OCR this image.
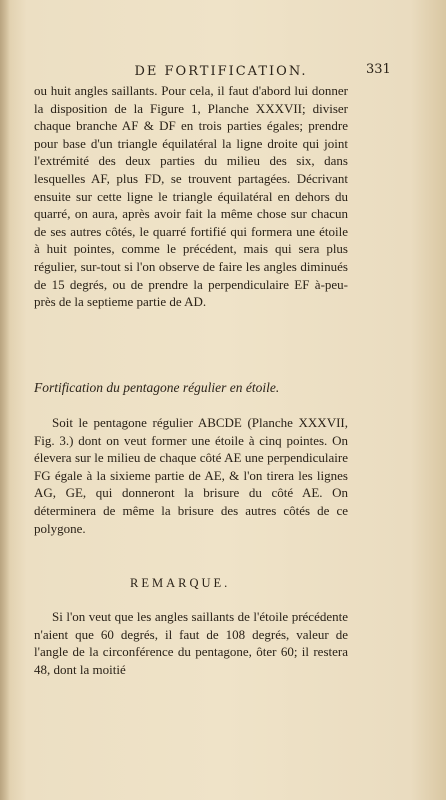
DE FORTIFICATION.	331
ou huit angles saillants. Pour cela, il faut d'abord lui donner la disposition de la Figure 1, Planche XXXVII; diviser chaque branche AF & DF en trois parties égales; prendre pour base d'un triangle équilatéral la ligne droite qui joint l'extrémité des deux parties du milieu des six, dans lesquelles AF, plus FD, se trouvent partagées. Décrivant ensuite sur cette ligne le triangle équilatéral en dehors du quarré, on aura, après avoir fait la même chose sur chacun de ses autres côtés, le quarré fortifié qui formera une étoile à huit pointes, comme le précédent, mais qui sera plus régulier, sur-tout si l'on observe de faire les angles diminués de 15 degrés, ou de prendre la perpendiculaire EF à-peu-près de la septieme partie de AD.
Fortification du pentagone régulier en étoile.
Soit le pentagone régulier ABCDE (Planche XXXVII, Fig. 3.) dont on veut former une étoile à cinq pointes. On élevera sur le milieu de chaque côté AE une perpendiculaire FG égale à la sixieme partie de AE, & l'on tirera les lignes AG, GE, qui donneront la brisure du côté AE. On déterminera de même la brisure des autres côtés de ce polygone.
REMARQUE.
Si l'on veut que les angles saillants de l'étoile précédente n'aient que 60 degrés, il faut de 108 degrés, valeur de l'angle de la circonférence du pentagone, ôter 60; il restera 48, dont la moitié
